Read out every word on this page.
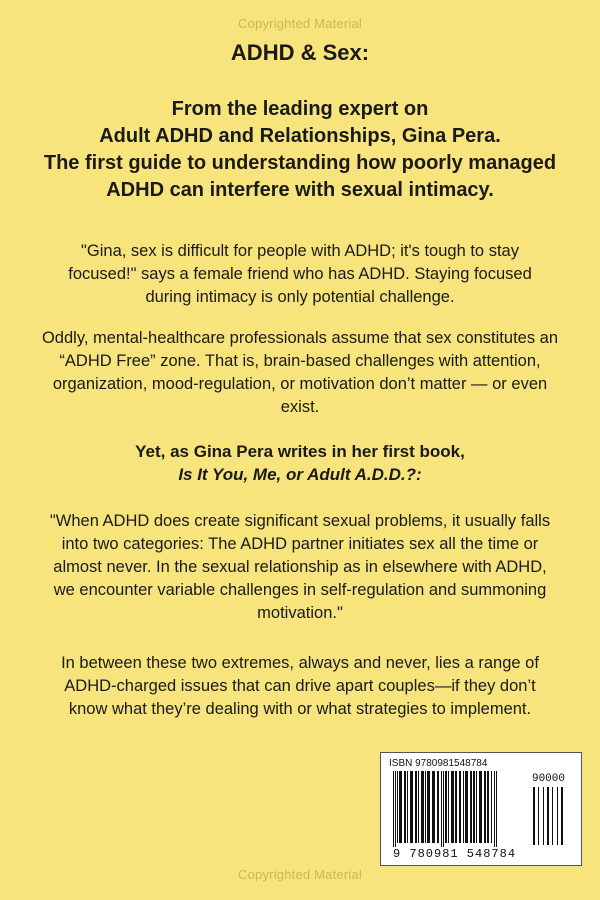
Copyrighted Material
ADHD & Sex:
From the leading expert on
Adult ADHD and Relationships, Gina Pera.
The first guide to understanding how poorly managed
ADHD can interfere with sexual intimacy.
"Gina, sex is difficult for people with ADHD; it's tough to stay
focused!" says a female friend who has ADHD. Staying focused
during intimacy is only potential challenge.
Oddly, mental-healthcare professionals assume that sex constitutes an
“ADHD Free” zone. That is, brain-based challenges with attention,
organization, mood-regulation, or motivation don’t matter — or even
exist.
Yet, as Gina Pera writes in her first book,
Is It You, Me, or Adult A.D.D.?:
"When ADHD does create significant sexual problems, it usually falls
into two categories: The ADHD partner initiates sex all the time or
almost never. In the sexual relationship as in elsewhere with ADHD,
we encounter variable challenges in self-regulation and summoning
motivation."
In between these two extremes, always and never, lies a range of
ADHD-charged issues that can drive apart couples—if they don’t
know what they’re dealing with or what strategies to implement.
ISBN 9780981548784
90000
9 780981 548784
Copyrighted Material
